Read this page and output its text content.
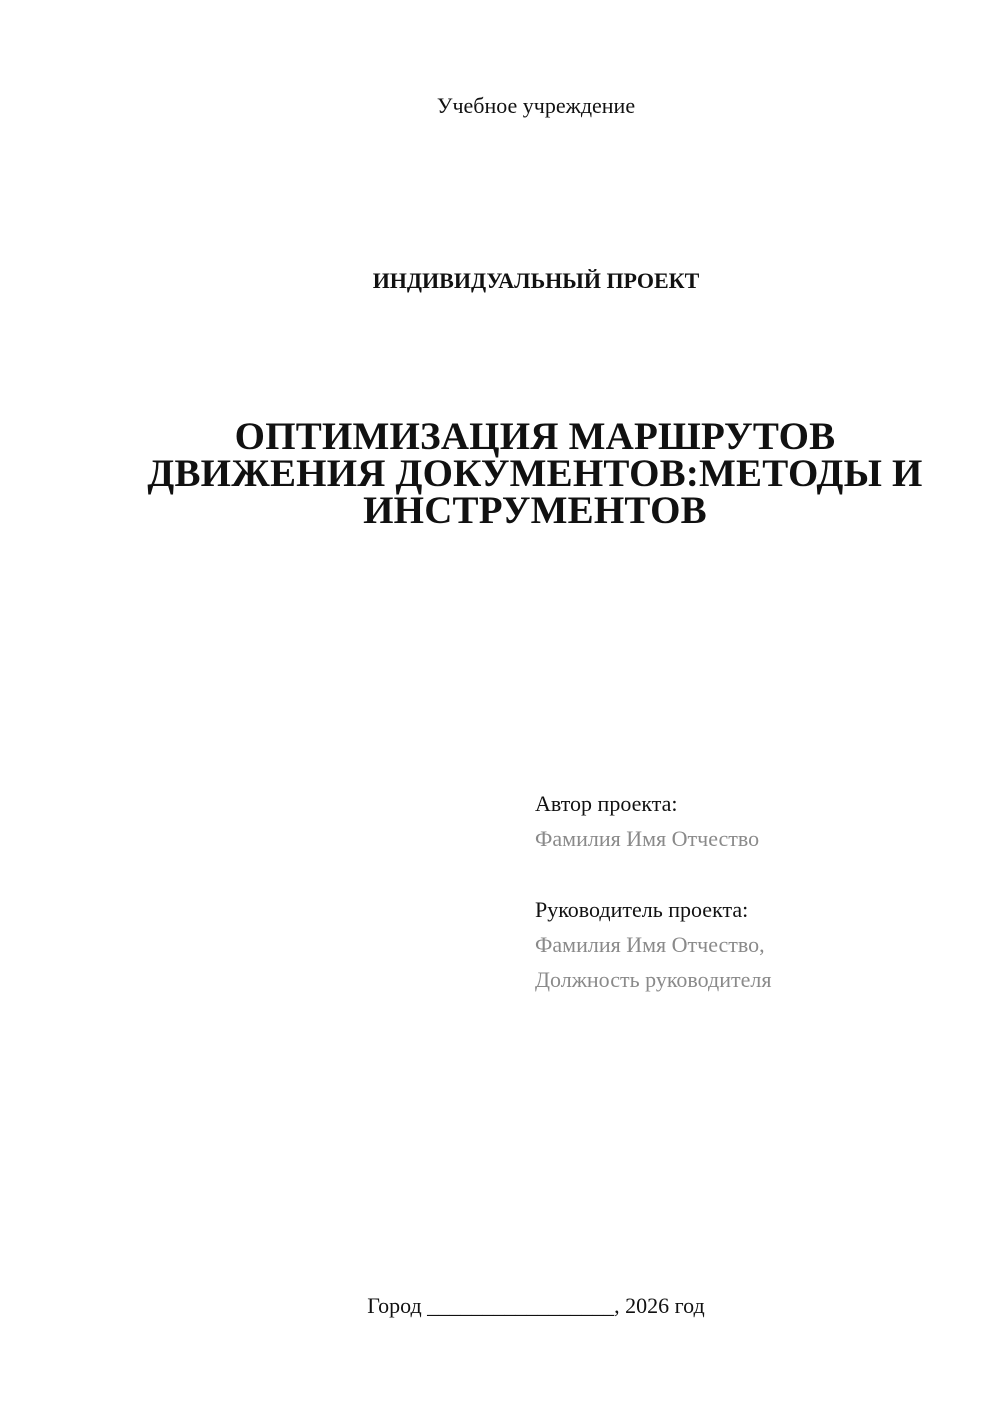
Учебное учреждение
ИНДИВИДУАЛЬНЫЙ ПРОЕКТ
ОПТИМИЗАЦИЯ МАРШРУТОВ
ДВИЖЕНИЯ ДОКУМЕНТОВ:МЕТОДЫ И
ИНСТРУМЕНТОВ
Автор проекта:
Фамилия Имя Отчество
Руководитель проекта:
Фамилия Имя Отчество,
Должность руководителя
Город _________________, 2026 год
